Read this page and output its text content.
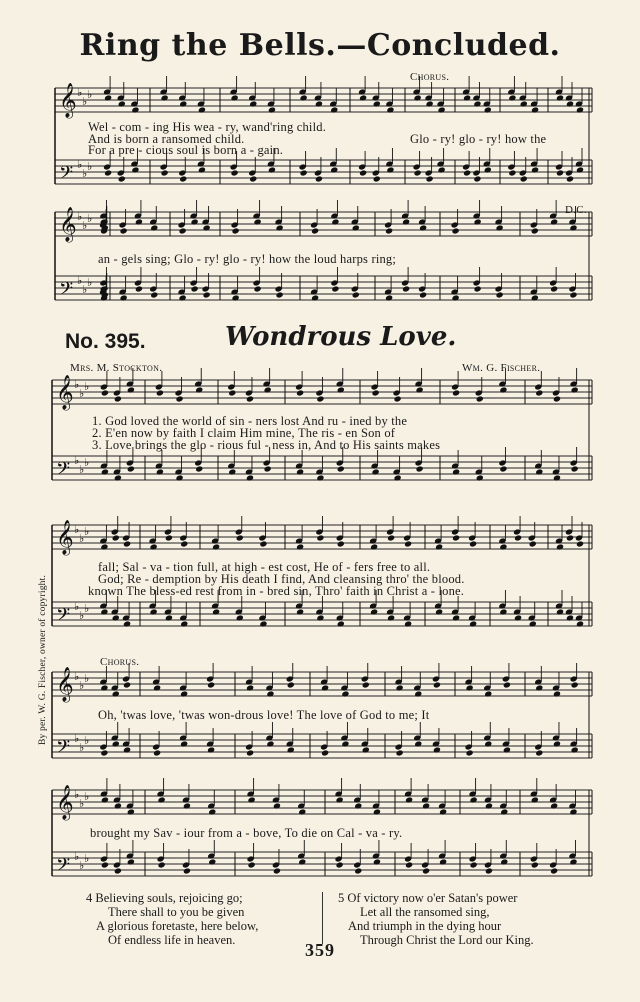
𝄞 ♭
♭
♭
𝄢 ♭
♭
♭
𝄞 ♭
♭
♭
𝄢 ♭
♭
♭
𝄞 ♭
♭
♭
𝄢 ♭
♭
♭
𝄞 ♭
♭
♭
𝄢 ♭
♭
♭
𝄞 ♭
♭
♭
𝄢 ♭
♭
♭
𝄞 ♭
♭
♭
𝄢 ♭
♭
♭
Ring the Bells.—Concluded.
No. 395.	Wondrous Love.
Mrs. M. Stockton.	Wm. G. Fischer.
By per. W. G. Fischer, owner of copyright.
Chorus.
D.C.
Wel - com - ing His wea - ry, wand'ring child.
And is born a ransomed child.
For a pre - cious soul is born a - gain.
Glo - ry! glo - ry! how the
an - gels sing; Glo - ry! glo - ry! how the loud harps ring;
1. God loved the world of sin - ners lost And ru - ined by the
2. E'en now by faith I claim Him mine, The ris - en Son of
3. Love brings the glo - rious ful - ness in, And to His saints makes
fall; Sal - va - tion full, at high - est cost, He of - fers free to all.
God; Re - demption by His death I find, And cleansing thro' the blood.
known The bless-ed rest from in - bred sin, Thro' faith in Christ a - lone.
Chorus.
Oh, 'twas love, 'twas won-drous love! The love of God to me; It
brought my Sav - iour from a - bove, To die on Cal - va - ry.
4 Believing souls, rejoicing go;
There shall to you be given
A glorious foretaste, here below,
Of endless life in heaven.
5 Of victory now o'er Satan's power
Let all the ransomed sing,
And triumph in the dying hour
Through Christ the Lord our King.
359
